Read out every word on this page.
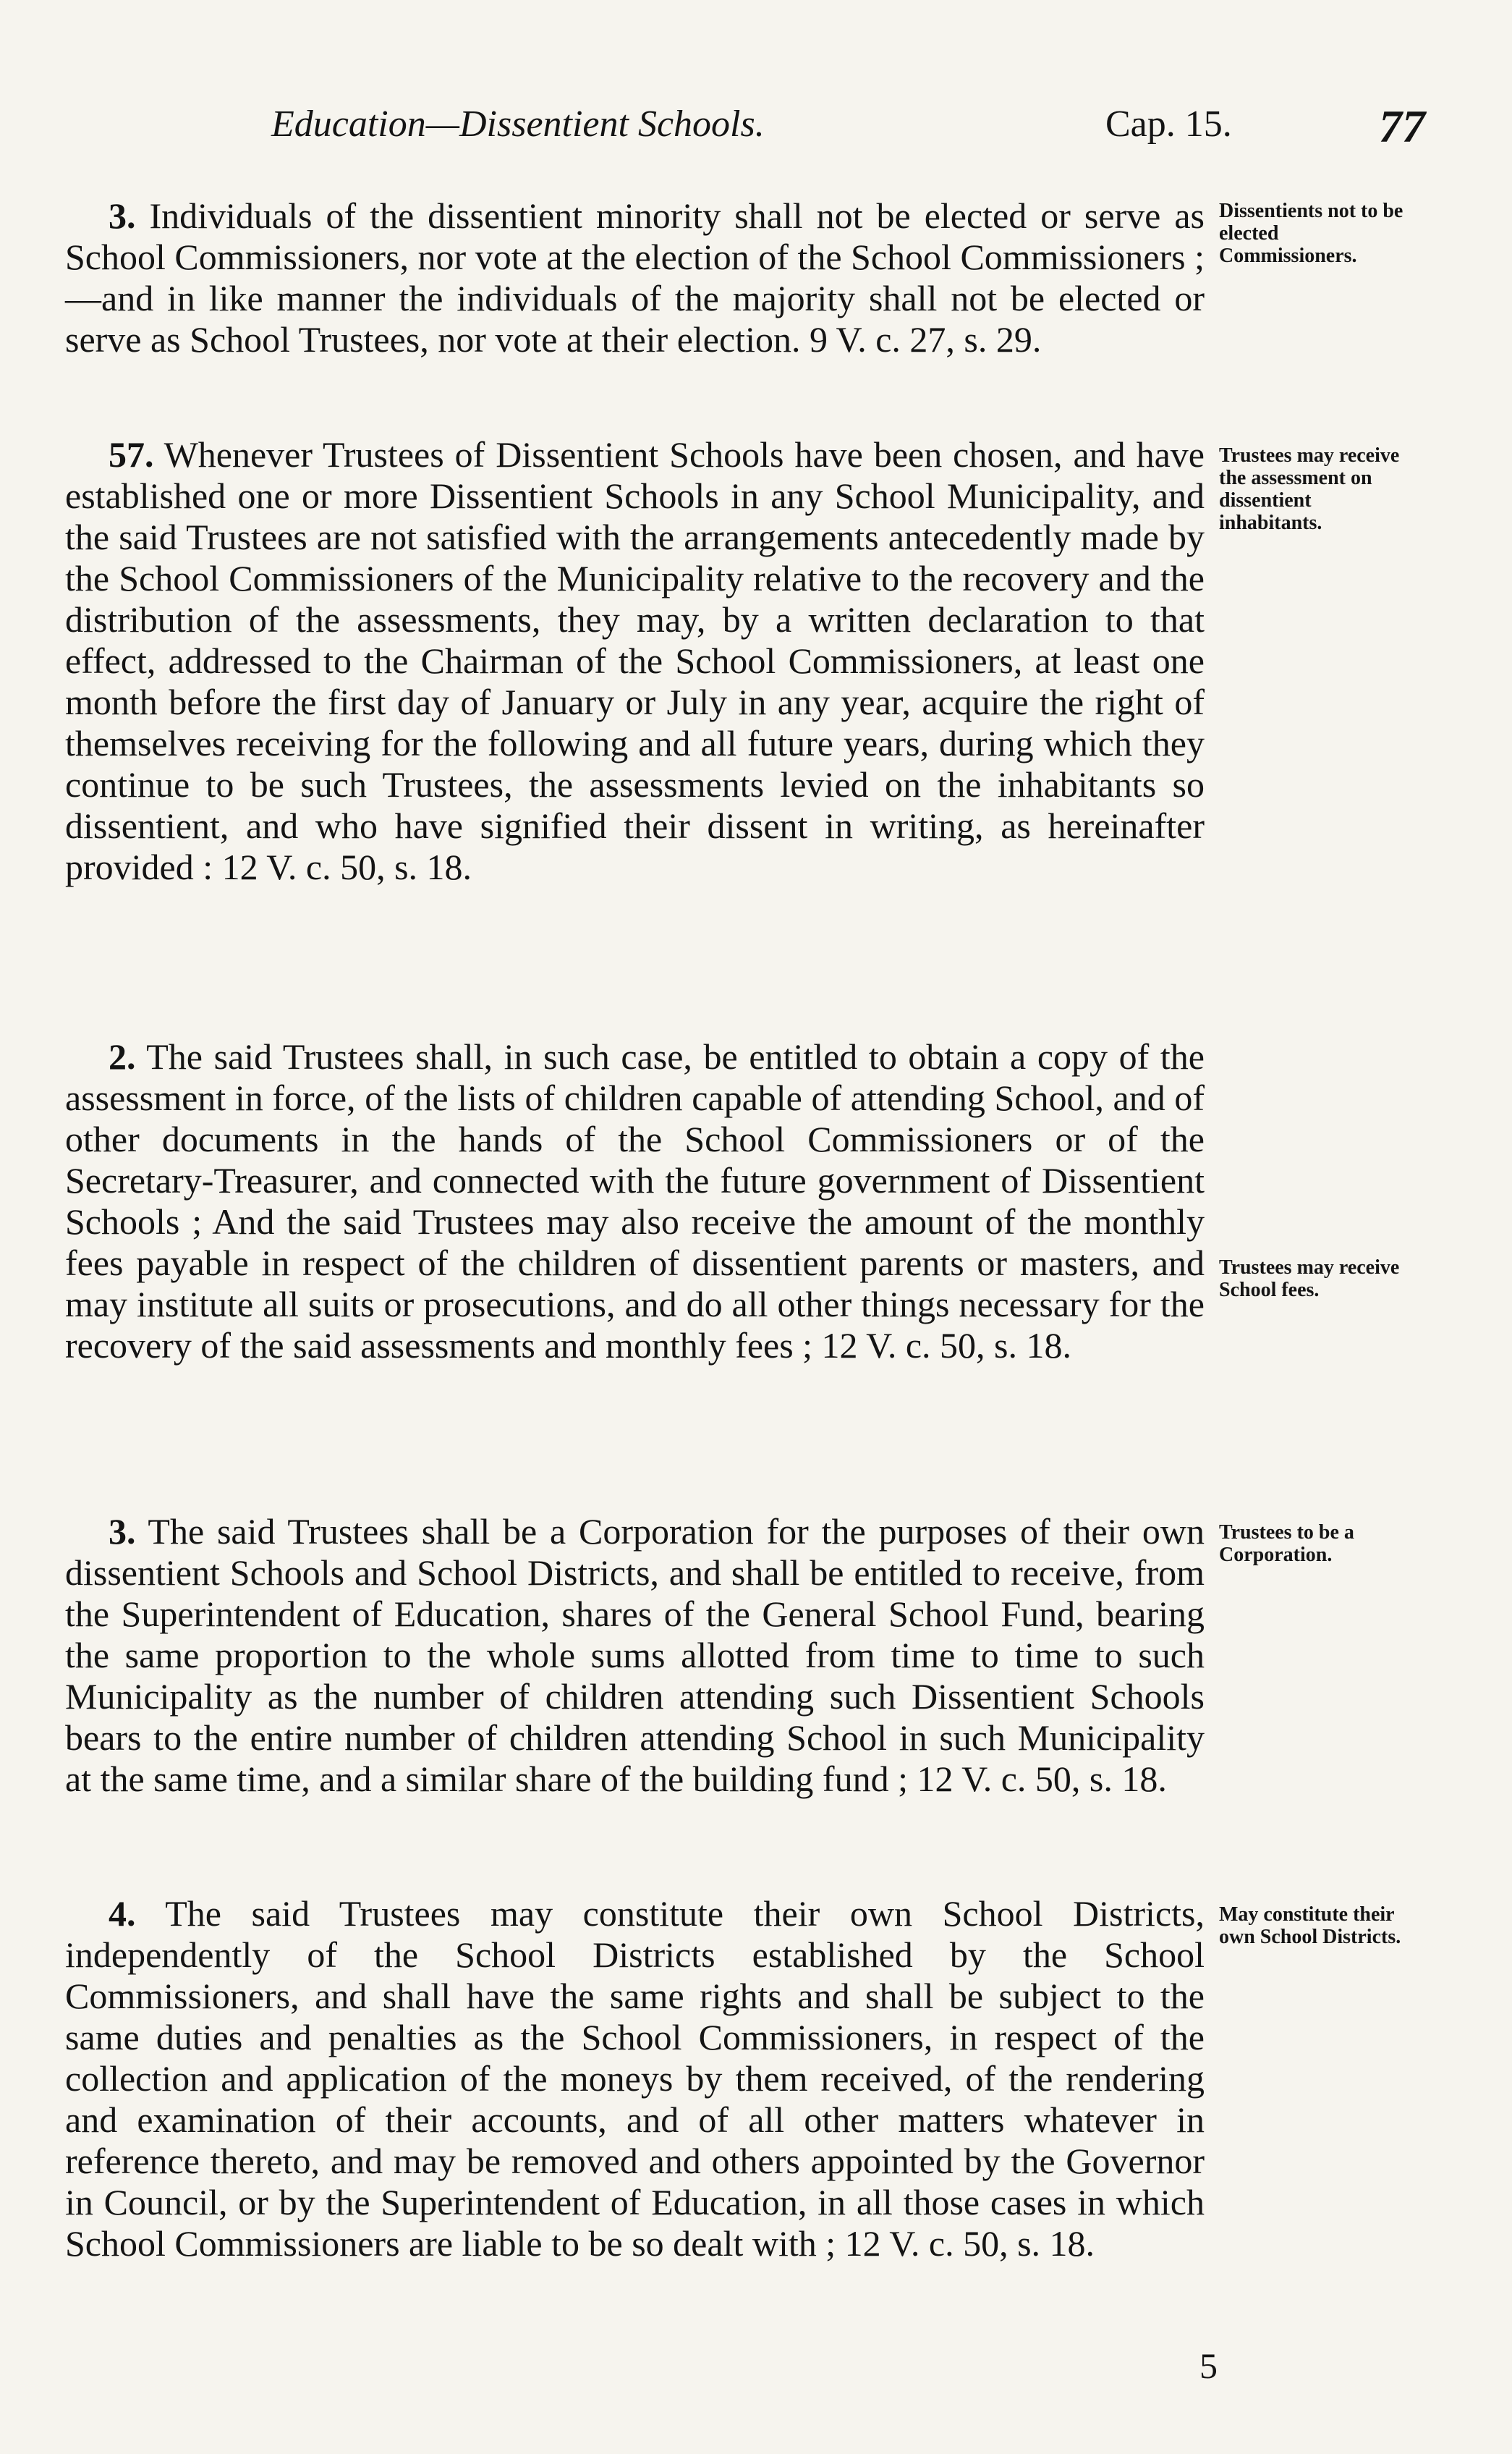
Education—Dissentient Schools.	Cap. 15.	77

3. Individuals of the dissentient minority shall not be elected or serve as School Commissioners, nor vote at the election of the School Commissioners ;—and in like manner the individuals of the majority shall not be elected or serve as School Trustees, nor vote at their election. 9 V. c. 27, s. 29.

Dissentients not to be elected Commissioners.

57. Whenever Trustees of Dissentient Schools have been chosen, and have established one or more Dissentient Schools in any School Municipality, and the said Trustees are not satisfied with the arrangements antecedently made by the School Commissioners of the Municipality relative to the recovery and the distribution of the assessments, they may, by a written declaration to that effect, addressed to the Chairman of the School Commissioners, at least one month before the first day of January or July in any year, acquire the right of themselves receiving for the following and all future years, during which they continue to be such Trustees, the assessments levied on the inhabitants so dissentient, and who have signified their dissent in writing, as hereinafter provided : 12 V. c. 50, s. 18.

Trustees may receive the assessment on dissentient inhabitants.

2. The said Trustees shall, in such case, be entitled to obtain a copy of the assessment in force, of the lists of children capable of attending School, and of other documents in the hands of the School Commissioners or of the Secretary-Treasurer, and connected with the future government of Dissentient Schools ; And the said Trustees may also receive the amount of the monthly fees payable in respect of the children of dissentient parents or masters, and may institute all suits or prosecutions, and do all other things necessary for the recovery of the said assessments and monthly fees ; 12 V. c. 50, s. 18.

Trustees may receive School fees.

3. The said Trustees shall be a Corporation for the purposes of their own dissentient Schools and School Districts, and shall be entitled to receive, from the Superintendent of Education, shares of the General School Fund, bearing the same proportion to the whole sums allotted from time to time to such Municipality as the number of children attending such Dissentient Schools bears to the entire number of children attending School in such Municipality at the same time, and a similar share of the building fund ; 12 V. c. 50, s. 18.

Trustees to be a Corporation.

4. The said Trustees may constitute their own School Districts, independently of the School Districts established by the School Commissioners, and shall have the same rights and shall be subject to the same duties and penalties as the School Commissioners, in respect of the collection and application of the moneys by them received, of the rendering and examination of their accounts, and of all other matters whatever in reference thereto, and may be removed and others appointed by the Governor in Council, or by the Superintendent of Education, in all those cases in which School Commissioners are liable to be so dealt with ; 12 V. c. 50, s. 18.

May constitute their own School Districts.
5
